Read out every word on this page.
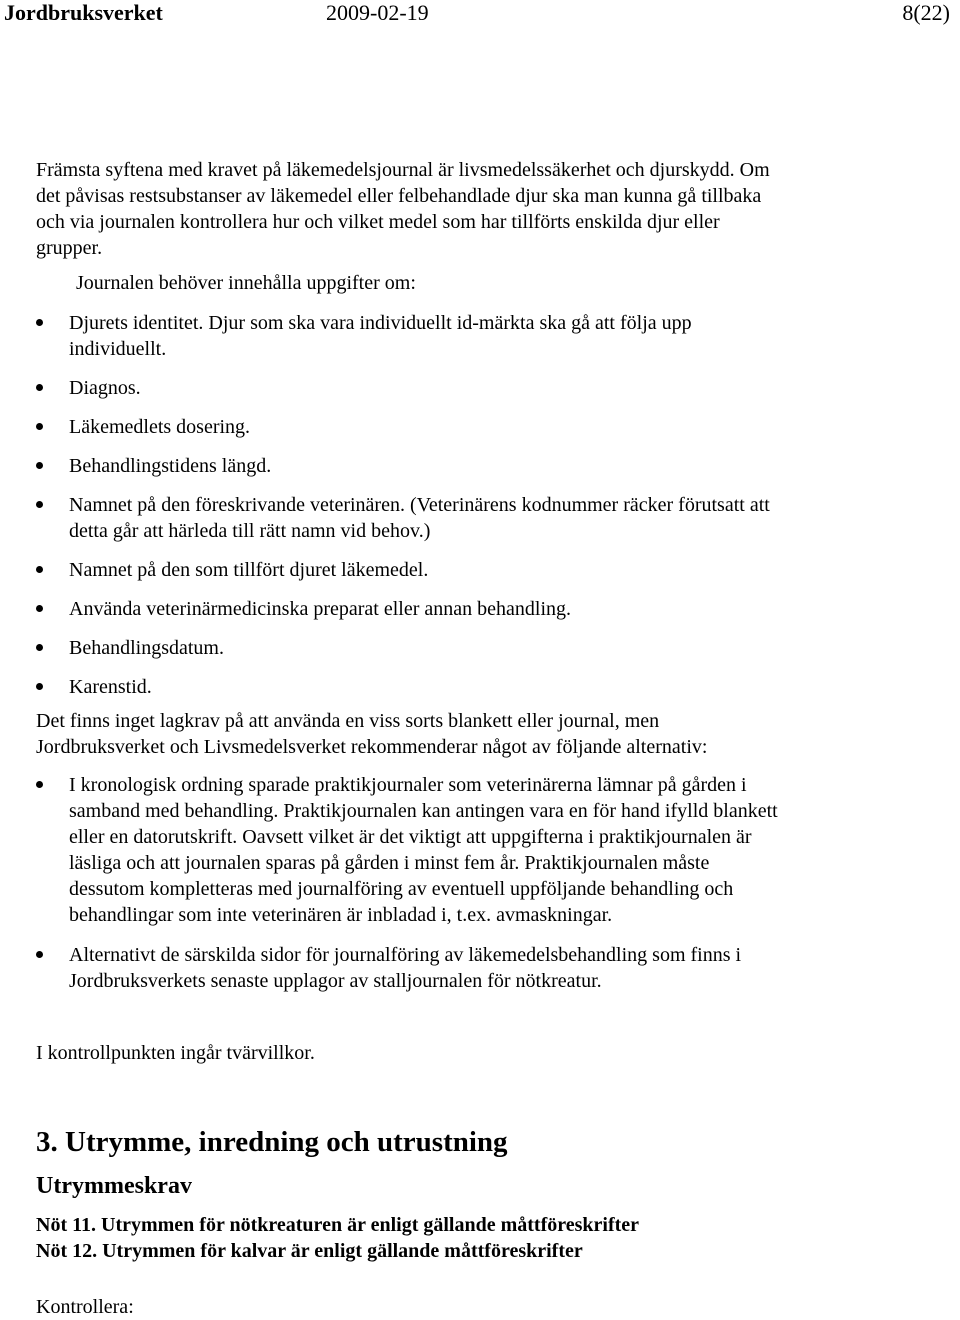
Jordbruksverket	2009-02-19	8(22)
Främsta syftena med kravet på läkemedelsjournal är livsmedelssäkerhet och djurskydd. Om
det påvisas restsubstanser av läkemedel eller felbehandlade djur ska man kunna gå tillbaka
och via journalen kontrollera hur och vilket medel som har tillförts enskilda djur eller
grupper.
Journalen behöver innehålla uppgifter om:
Djurets identitet. Djur som ska vara individuellt id-märkta ska gå att följa upp
individuellt.
Diagnos.
Läkemedlets dosering.
Behandlingstidens längd.
Namnet på den föreskrivande veterinären. (Veterinärens kodnummer räcker förutsatt att
detta går att härleda till rätt namn vid behov.)
Namnet på den som tillfört djuret läkemedel.
Använda veterinärmedicinska preparat eller annan behandling.
Behandlingsdatum.
Karenstid.
Det finns inget lagkrav på att använda en viss sorts blankett eller journal, men
Jordbruksverket och Livsmedelsverket rekommenderar något av följande alternativ:
I kronologisk ordning sparade praktikjournaler som veterinärerna lämnar på gården i
samband med behandling. Praktikjournalen kan antingen vara en för hand ifylld blankett
eller en datorutskrift. Oavsett vilket är det viktigt att uppgifterna i praktikjournalen är
läsliga och att journalen sparas på gården i minst fem år. Praktikjournalen måste
dessutom kompletteras med journalföring av eventuell uppföljande behandling och
behandlingar som inte veterinären är inbladad i, t.ex. avmaskningar.
Alternativt de särskilda sidor för journalföring av läkemedelsbehandling som finns i
Jordbruksverkets senaste upplagor av stalljournalen för nötkreatur.
I kontrollpunkten ingår tvärvillkor.
3. Utrymme, inredning och utrustning
Utrymmeskrav
Nöt 11. Utrymmen för nötkreaturen är enligt gällande måttföreskrifter
Nöt 12. Utrymmen för kalvar är enligt gällande måttföreskrifter
Kontrollera:
